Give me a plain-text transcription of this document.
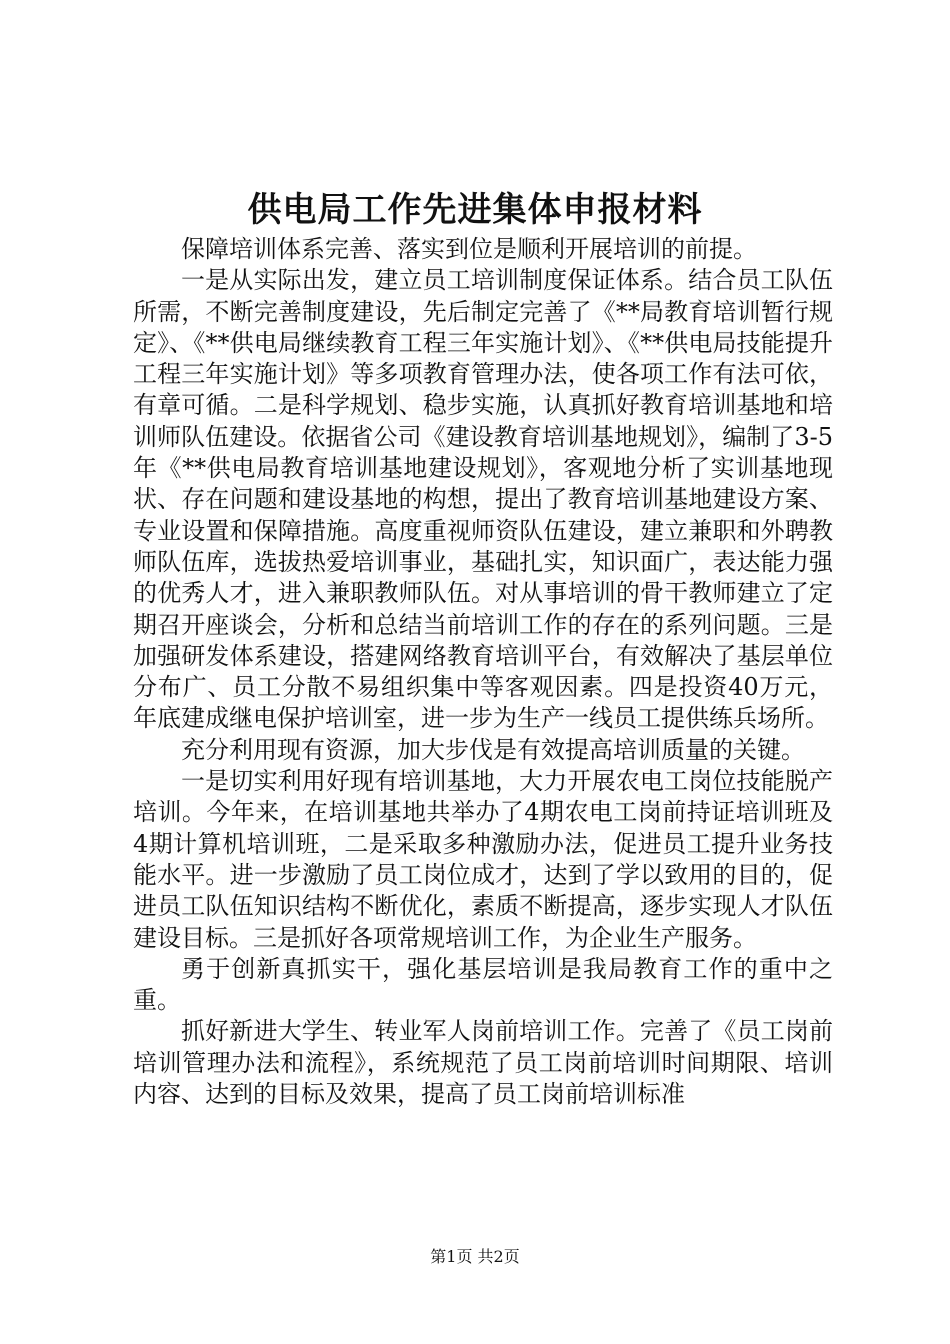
供电局工作先进集体申报材料

保障培训体系完善、落实到位是顺利开展培训的前提。

一是从实际出发，建立员工培训制度保证体系。结合员工队伍所需，不断完善制度建设，先后制定完善了《**局教育培训暂行规定》、《**供电局继续教育工程三年实施计划》、《**供电局技能提升工程三年实施计划》等多项教育管理办法，使各项工作有法可依，有章可循。二是科学规划、稳步实施，认真抓好教育培训基地和培训师队伍建设。依据省公司《建设教育培训基地规划》，编制了3-5年《**供电局教育培训基地建设规划》，客观地分析了实训基地现状、存在问题和建设基地的构想，提出了教育培训基地建设方案、专业设置和保障措施。高度重视师资队伍建设，建立兼职和外聘教师队伍库，选拔热爱培训事业，基础扎实，知识面广，表达能力强的优秀人才，进入兼职教师队伍。对从事培训的骨干教师建立了定期召开座谈会，分析和总结当前培训工作的存在的系列问题。三是加强研发体系建设，搭建网络教育培训平台，有效解决了基层单位分布广、员工分散不易组织集中等客观因素。四是投资40万元，年底建成继电保护培训室，进一步为生产一线员工提供练兵场所。

充分利用现有资源，加大步伐是有效提高培训质量的关键。

一是切实利用好现有培训基地，大力开展农电工岗位技能脱产培训。今年来，在培训基地共举办了4期农电工岗前持证培训班及4期计算机培训班，二是采取多种激励办法，促进员工提升业务技能水平。进一步激励了员工岗位成才，达到了学以致用的目的，促进员工队伍知识结构不断优化，素质不断提高，逐步实现人才队伍建设目标。三是抓好各项常规培训工作，为企业生产服务。

勇于创新真抓实干，强化基层培训是我局教育工作的重中之重。

抓好新进大学生、转业军人岗前培训工作。完善了《员工岗前培训管理办法和流程》，系统规范了员工岗前培训时间期限、培训内容、达到的目标及效果，提高了员工岗前培训标准

第1页 共2页
